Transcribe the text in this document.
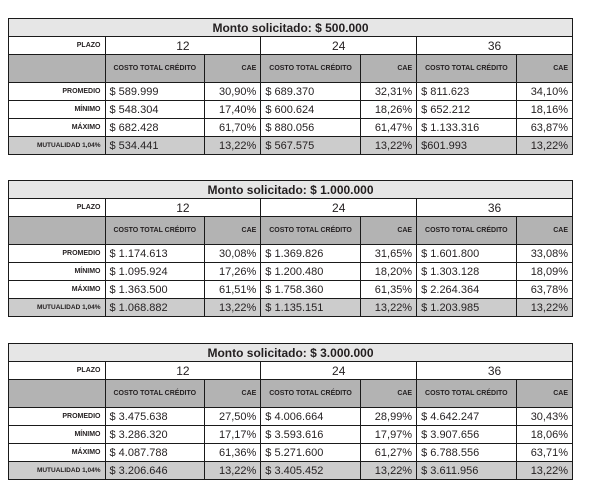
Monto solicitado: $ 500.000						
PLAZO	12		24		36	
	COSTO TOTAL CRÉDITO	CAE	COSTO TOTAL CRÉDITO	CAE	COSTO TOTAL CRÉDITO	CAE
PROMEDIO	$ 589.999	30,90%	$ 689.370	32,31%	$ 811.623	34,10%
MÍNIMO	$ 548.304	17,40%	$ 600.624	18,26%	$ 652.212	18,16%
MÁXIMO	$ 682.428	61,70%	$ 880.056	61,47%	$ 1.133.316	63,87%
MUTUALIDAD 1,04%	$ 534.441	13,22%	$ 567.575	13,22%	$601.993	13,22%
Monto solicitado: $ 1.000.000						
PLAZO	12		24		36	
	COSTO TOTAL CRÉDITO	CAE	COSTO TOTAL CRÉDITO	CAE	COSTO TOTAL CRÉDITO	CAE
PROMEDIO	$ 1.174.613	30,08%	$ 1.369.826	31,65%	$ 1.601.800	33,08%
MÍNIMO	$ 1.095.924	17,26%	$ 1.200.480	18,20%	$ 1.303.128	18,09%
MÁXIMO	$ 1.363.500	61,51%	$ 1.758.360	61,35%	$ 2.264.364	63,78%
MUTUALIDAD 1,04%	$ 1.068.882	13,22%	$ 1.135.151	13,22%	$ 1.203.985	13,22%
Monto solicitado: $ 3.000.000						
PLAZO	12		24		36	
	COSTO TOTAL CRÉDITO	CAE	COSTO TOTAL CRÉDITO	CAE	COSTO TOTAL CRÉDITO	CAE
PROMEDIO	$ 3.475.638	27,50%	$ 4.006.664	28,99%	$ 4.642.247	30,43%
MÍNIMO	$ 3.286.320	17,17%	$ 3.593.616	17,97%	$ 3.907.656	18,06%
MÁXIMO	$ 4.087.788	61,36%	$ 5.271.600	61,27%	$ 6.788.556	63,71%
MUTUALIDAD 1,04%	$ 3.206.646	13,22%	$ 3.405.452	13,22%	$ 3.611.956	13,22%
